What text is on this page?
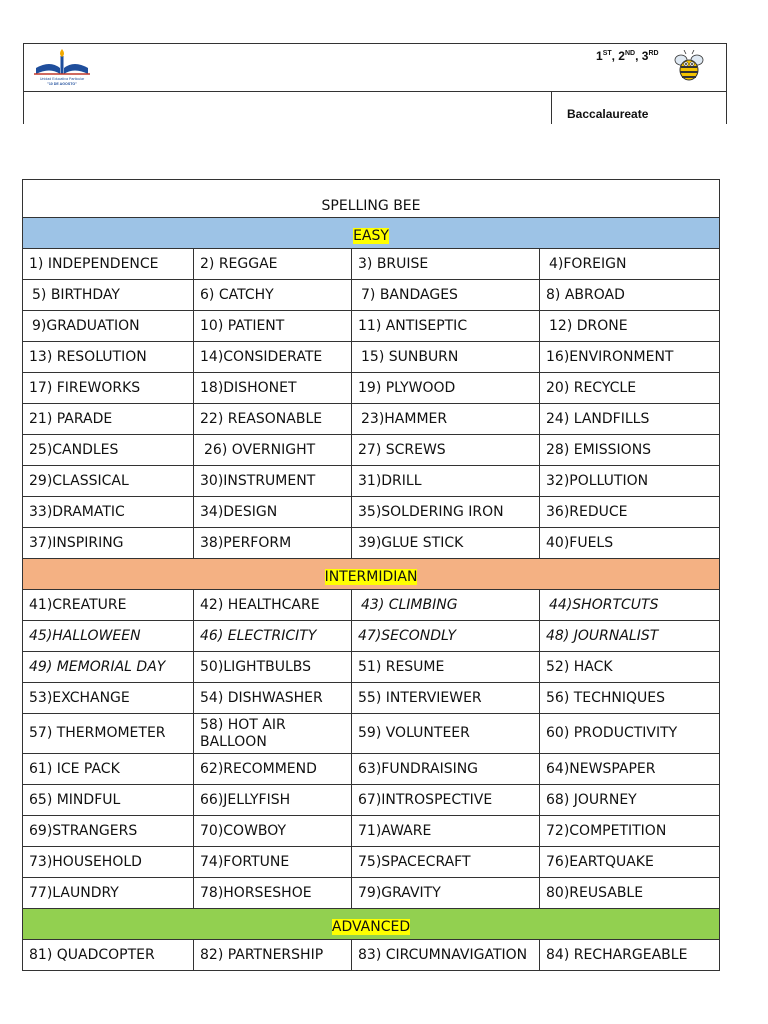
Unidad Educativa Particular
"10 DE AGOSTO"
1ST, 2ND, 3RD
Baccalaureate
SPELLING BEE			
EASY			
1) INDEPENDENCE	2) REGGAE	3) BRUISE	4)FOREIGN
5) BIRTHDAY	6) CATCHY	7) BANDAGES	8) ABROAD
9)GRADUATION	10) PATIENT	11) ANTISEPTIC	12) DRONE
13) RESOLUTION	14)CONSIDERATE	15) SUNBURN	16)ENVIRONMENT
17) FIREWORKS	18)DISHONET	19) PLYWOOD	20) RECYCLE
21) PARADE	22) REASONABLE	23)HAMMER	24) LANDFILLS
25)CANDLES	26) OVERNIGHT	27) SCREWS	28) EMISSIONS
29)CLASSICAL	30)INSTRUMENT	31)DRILL	32)POLLUTION
33)DRAMATIC	34)DESIGN	35)SOLDERING IRON	36)REDUCE
37)INSPIRING	38)PERFORM	39)GLUE STICK	40)FUELS
INTERMIDIAN			
41)CREATURE	42) HEALTHCARE	43) CLIMBING	44)SHORTCUTS
45)HALLOWEEN	46) ELECTRICITY	47)SECONDLY	48) JOURNALIST
49) MEMORIAL DAY	50)LIGHTBULBS	51) RESUME	52) HACK
53)EXCHANGE	54) DISHWASHER	55) INTERVIEWER	56) TECHNIQUES
57) THERMOMETER	58) HOT AIR BALLOON	59) VOLUNTEER	60) PRODUCTIVITY
61) ICE PACK	62)RECOMMEND	63)FUNDRAISING	64)NEWSPAPER
65) MINDFUL	66)JELLYFISH	67)INTROSPECTIVE	68) JOURNEY
69)STRANGERS	70)COWBOY	71)AWARE	72)COMPETITION
73)HOUSEHOLD	74)FORTUNE	75)SPACECRAFT	76)EARTQUAKE
77)LAUNDRY	78)HORSESHOE	79)GRAVITY	80)REUSABLE
ADVANCED			
81) QUADCOPTER	82) PARTNERSHIP	83) CIRCUMNAVIGATION	84) RECHARGEABLE
